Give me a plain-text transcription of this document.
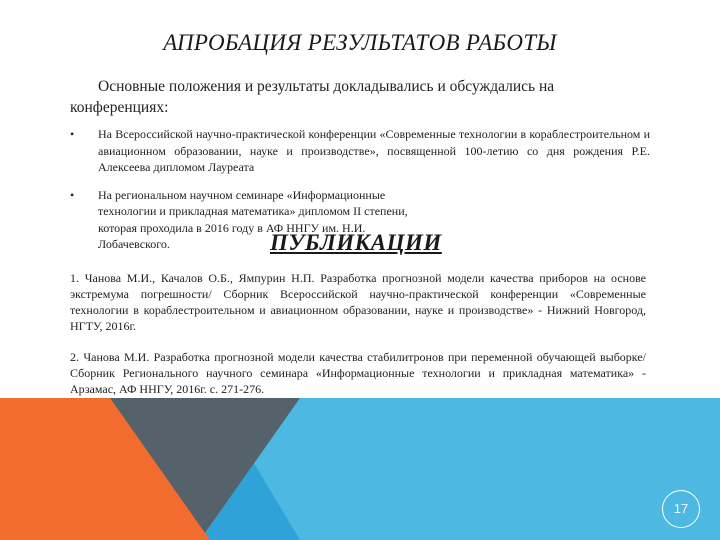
АПРОБАЦИЯ РЕЗУЛЬТАТОВ РАБОТЫ
Основные положения и результаты докладывались и обсуждались на конференциях:
• На Всероссийской научно-практической конференции «Современные технологии в кораблестроительном и авиационном образовании, науке и производстве», посвященной 100-летию со дня рождения Р.Е. Алексеева дипломом Лауреата
• На региональном научном семинаре «Информационные технологии и прикладная математика» дипломом II степени, которая проходила в 2016 году в АФ ННГУ им. Н.И. Лобачевского.	ПУБЛИКАЦИИ
1. Чанова М.И., Качалов О.Б., Ямпурин Н.П. Разработка прогнозной модели качества приборов на основе экстремума погрешности/ Сборник Всероссийской научно-практической конференции «Современные технологии в кораблестроительном и авиационном образовании, науке и производстве» - Нижний Новгород, НГТУ, 2016г.
2. Чанова М.И. Разработка прогнозной модели качества стабилитронов при переменной обучающей выборке/ Сборник Регионального научного семинара «Информационные технологии и прикладная математика» - Арзамас, АФ ННГУ, 2016г. с. 271-276.
17
